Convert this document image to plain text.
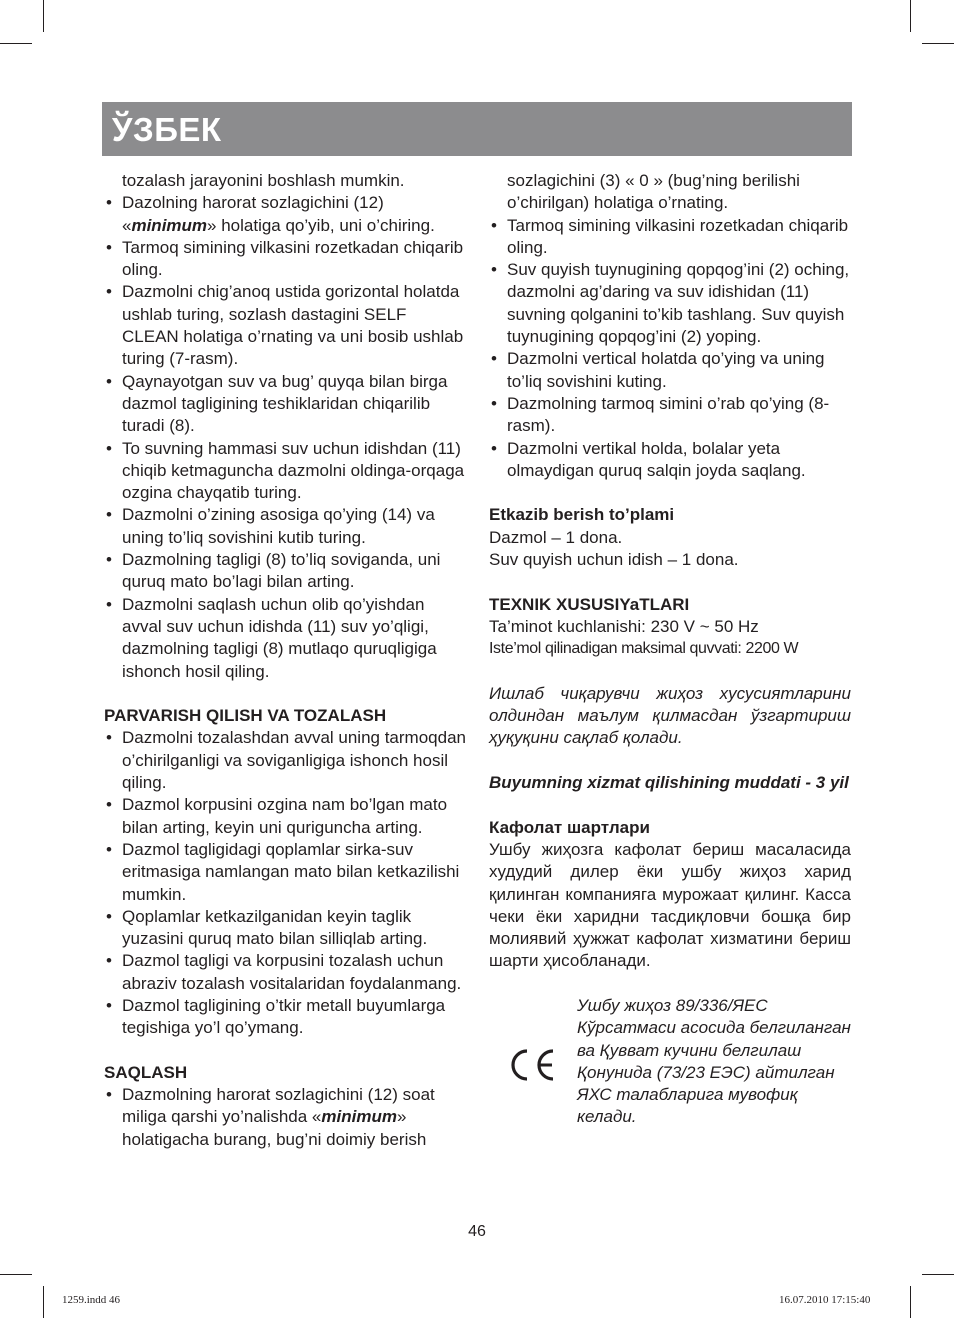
ЎЗБЕК

tozalash jarayonini boshlash mumkin.

• Dazolning harorat sozlagichini (12) «minimum» holatiga qo’yib, uni o’chiring.
• Tarmoq simining vilkasini rozetkadan chiqarib oling.
• Dazmolni chig’anoq ustida gorizontal holatda ushlab turing, sozlash dastagini SELF CLEAN holatiga o’rnating va uni bosib ushlab turing (7-rasm).
• Qaynayotgan suv va bug’ quyqa bilan birga dazmol tagligining teshiklaridan chiqarilib turadi (8).
• To suvning hammasi suv uchun idishdan (11) chiqib ketmaguncha dazmolni oldinga-orqaga ozgina chayqatib turing.
• Dazmolni o’zining asosiga qo’ying (14) va uning to’liq sovishini kutib turing.
• Dazmolning tagligi (8) to’liq soviganda, uni quruq mato bo’lagi bilan arting.
• Dazmolni saqlash uchun olib qo’yishdan avval suv uchun idishda (11) suv yo’qligi, dazmolning tagligi (8) mutlaqo quruqligiga ishonch hosil qiling.

PARVARISH QILISH VA TOZALASH

• Dazmolni tozalashdan avval uning tarmoqdan o’chirilganligi va soviganligiga ishonch hosil qiling.
• Dazmol korpusini ozgina nam bo’lgan mato bilan arting, keyin uni quriguncha arting.
• Dazmol tagligidagi qoplamlar sirka-suv eritmasiga namlangan mato bilan ketkazilishi mumkin.
• Qoplamlar ketkazilganidan keyin taglik yuzasini quruq mato bilan silliqlab arting.
• Dazmol tagligi va korpusini tozalash uchun abraziv tozalash vositalaridan foydalanmang.
• Dazmol tagligining o’tkir metall buyumlarga tegishiga yo’l qo’ymang.

SAQLASH

• Dazmolning harorat sozlagichini (12) soat miliga qarshi yo’nalishda «minimum» holatigacha burang, bug’ni doimiy berish

sozlagichini (3) « 0 » (bug’ning berilishi o’chirilgan) holatiga o’rnating.

• Tarmoq simining vilkasini rozetkadan chiqarib oling.
• Suv quyish tuynugining qopqog’ini (2) oching, dazmolni ag’daring va suv idishidan (11) suvning qolganini to’kib tashlang. Suv quyish tuynugining qopqog’ini (2) yoping.
• Dazmolni vertical holatda qo’ying va uning to’liq sovishini kuting.
• Dazmolning tarmoq simini o’rab qo’ying (8-rasm).
• Dazmolni vertikal holda, bolalar yeta olmaydigan quruq salqin joyda saqlang.

Etkazib berish to’plami

Dazmol – 1 dona.

Suv quyish uchun idish – 1 dona.

TEXNIK XUSUSIYaTLARI

Ta’minot kuchlanishi: 230 V ~ 50 Hz

Iste’mol qilinadigan maksimal quvvati: 2200 W

Ишлаб чиқарувчи жиҳоз хусусиятларини олдиндан маълум қилмасдан ўзгартириш ҳуқуқини сақлаб қолади.

Buyumning xizmat qilishining muddati - 3 yil

Кафолат шартлари

Ушбу жиҳозга кафолат бериш масаласида худудий дилер ёки ушбу жиҳоз харид қилинган компанияга мурожаат қилинг. Касса чеки ёки харидни тасдиқловчи бошқа бир молиявий ҳужжат кафолат хизматини бериш шарти ҳисобланади.

Ушбу жиҳоз 89/336/ЯЕС Кўрсатмаси асосида белгиланган ва Қувват кучини белгилаш Қонунида (73/23 ЕЭС) айтилган ЯХС талабларига мувофиқ келади.

46
1259.indd 46	16.07.2010 17:15:40
